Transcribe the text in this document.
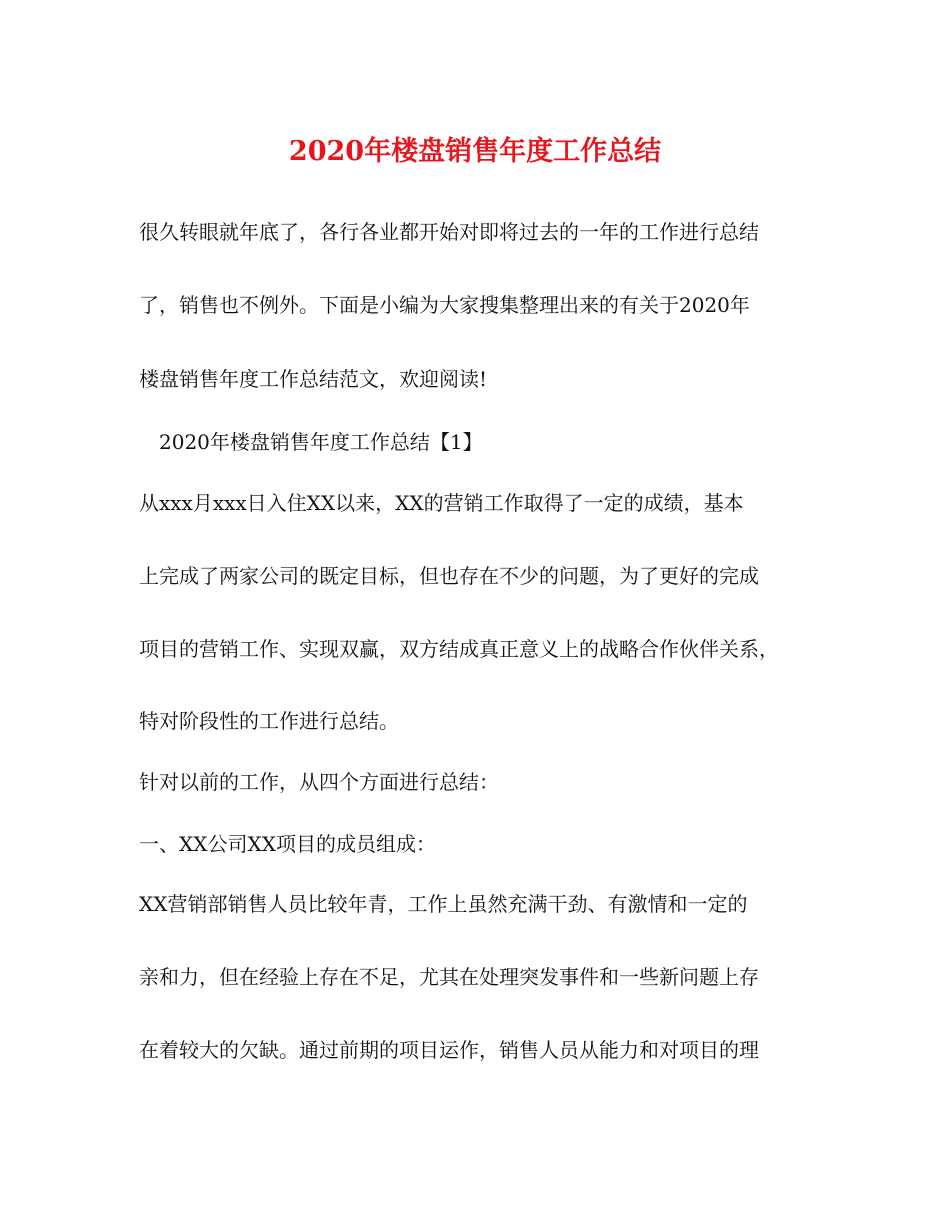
2020年楼盘销售年度工作总结
很久转眼就年底了，各行各业都开始对即将过去的一年的工作进行总结
了，销售也不例外。下面是小编为大家搜集整理出来的有关于2020年
楼盘销售年度工作总结范文，欢迎阅读!
2020年楼盘销售年度工作总结【1】
从xxx月xxx日入住XX以来，XX的营销工作取得了一定的成绩，基本
上完成了两家公司的既定目标，但也存在不少的问题，为了更好的完成
项目的营销工作、实现双赢，双方结成真正意义上的战略合作伙伴关系，
特对阶段性的工作进行总结。
针对以前的工作，从四个方面进行总结：
一、XX公司XX项目的成员组成：
XX营销部销售人员比较年青，工作上虽然充满干劲、有激情和一定的
亲和力，但在经验上存在不足，尤其在处理突发事件和一些新问题上存
在着较大的欠缺。通过前期的项目运作，销售人员从能力和对项目的理
